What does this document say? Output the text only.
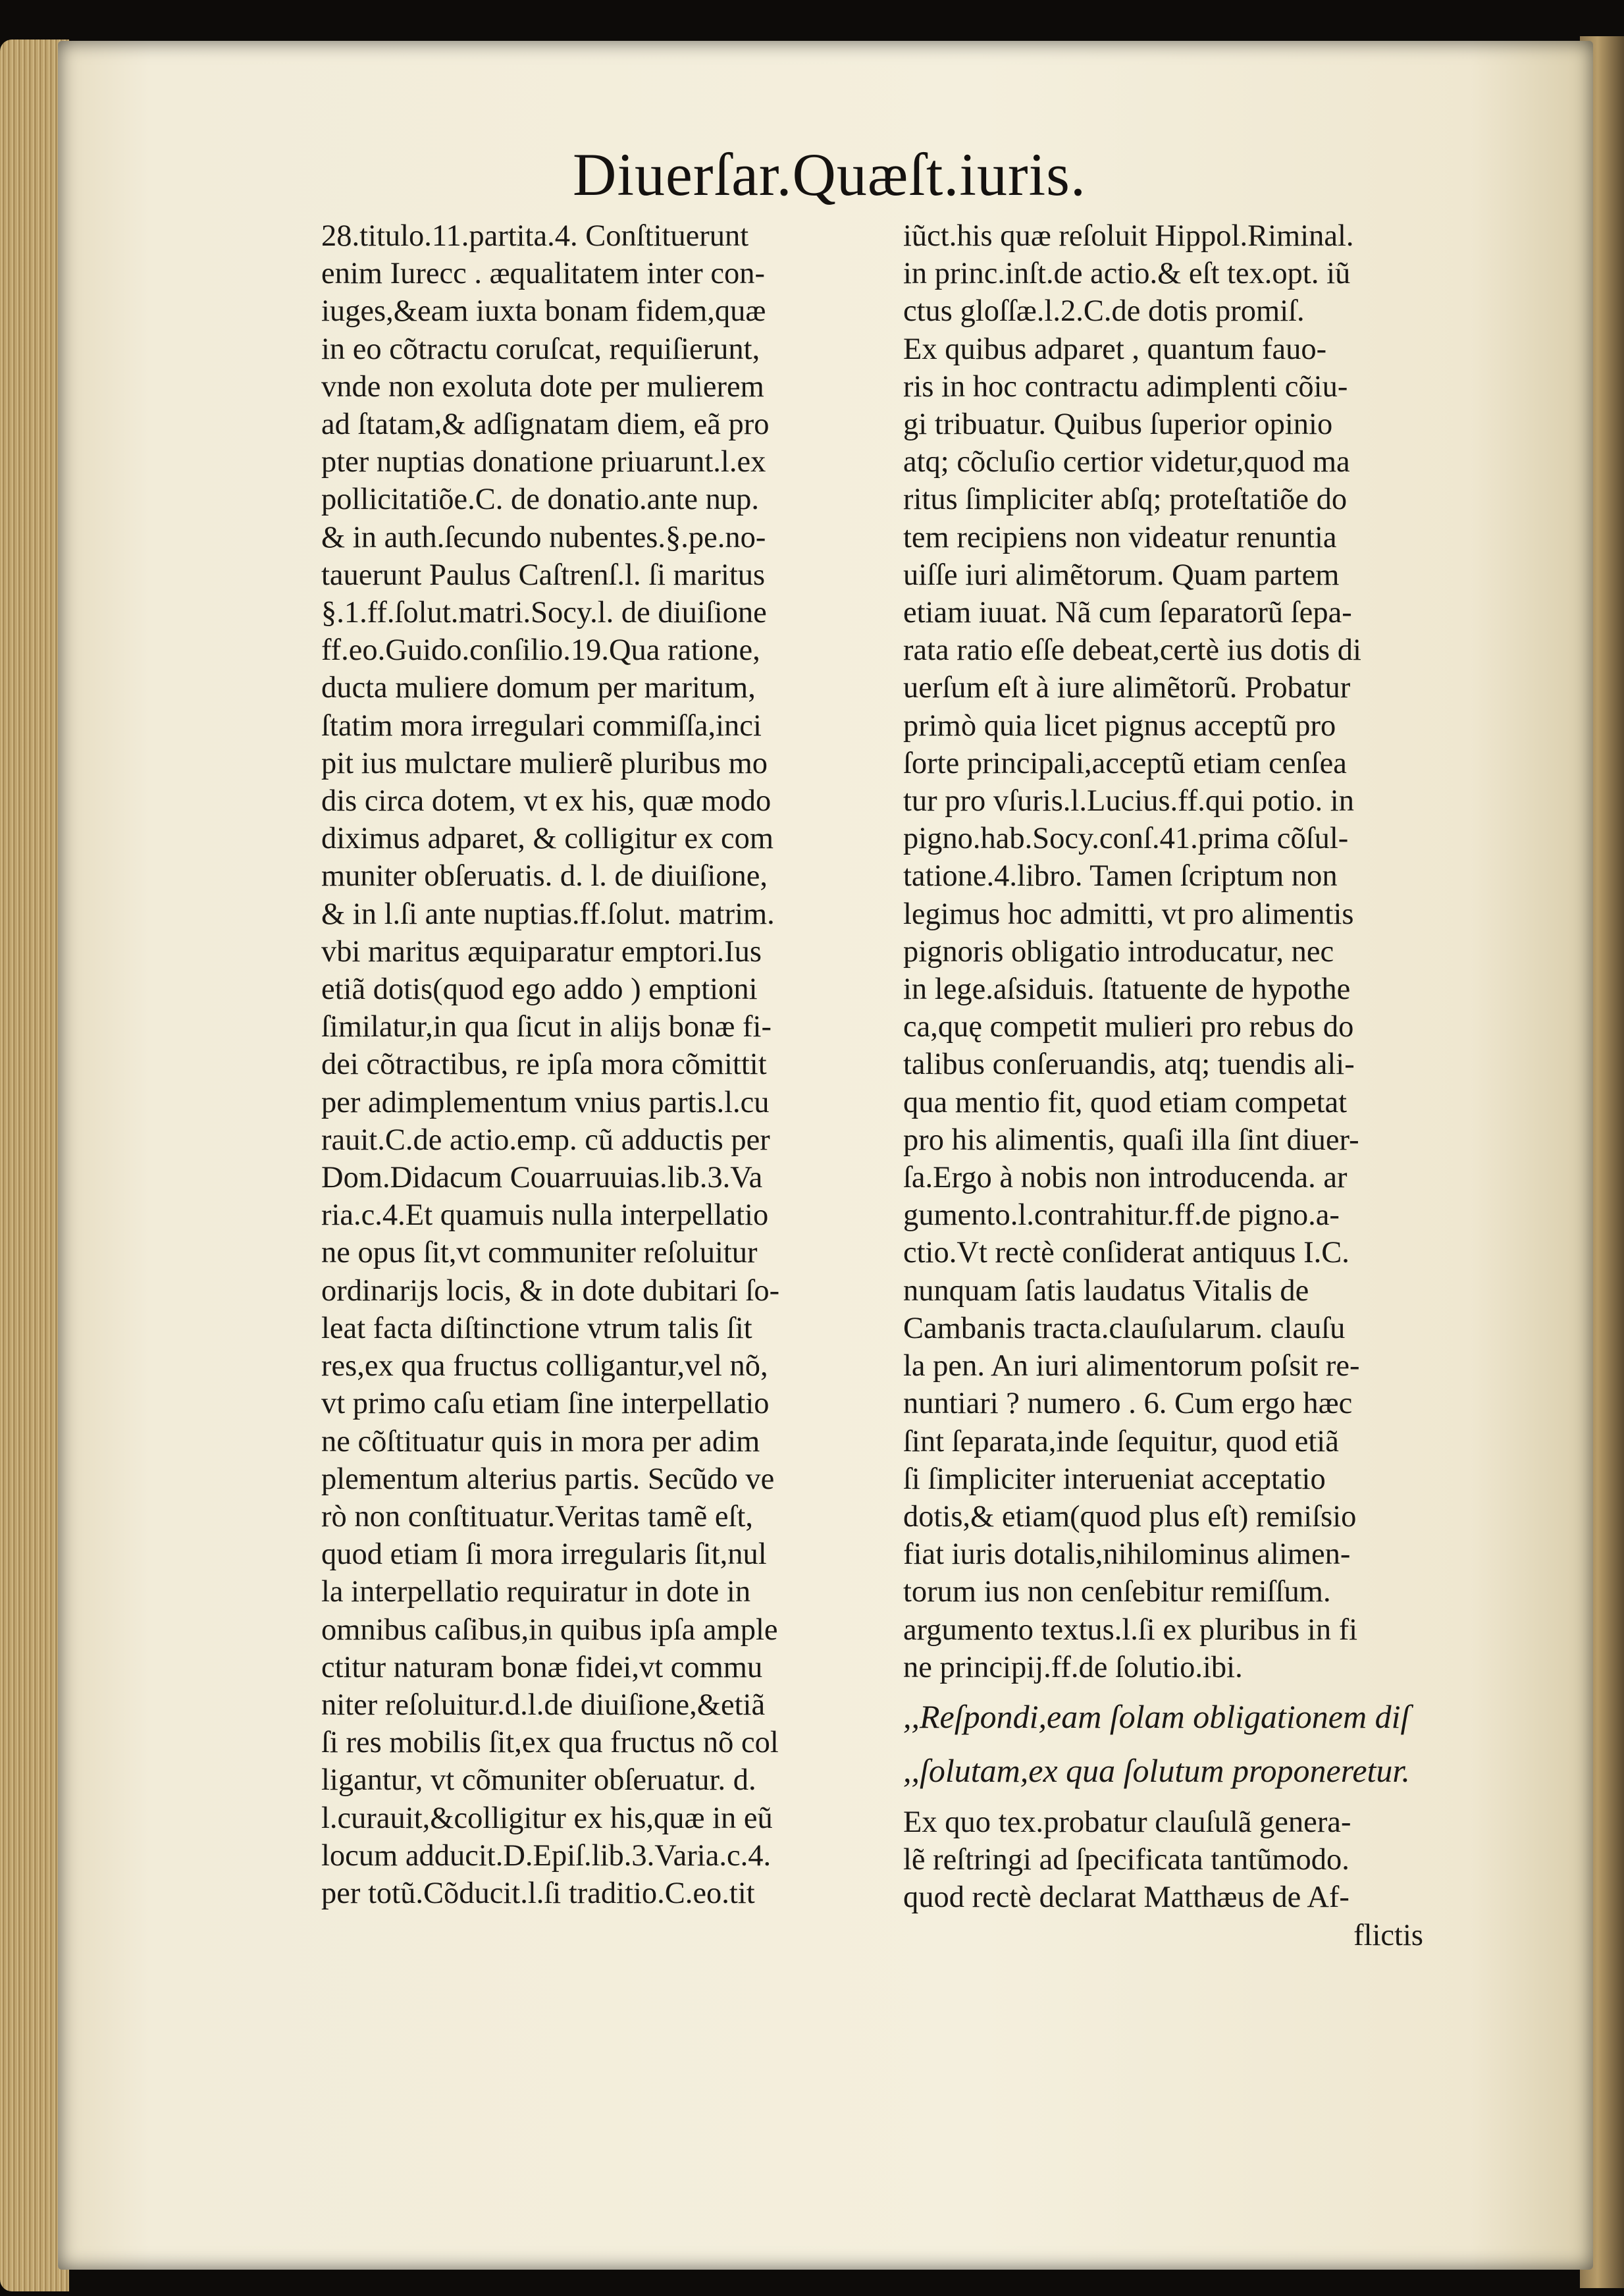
Diuerſar.Quæſt.iuris.
28.titulo.11.partita.4. Conſtituerunt
enim Iurecc . æqualitatem inter con-
iuges,&eam iuxta bonam fidem,quæ
in eo cõtractu coruſcat, requiſierunt,
vnde non exoluta dote per mulierem
ad ſtatam,& adſignatam diem, eã pro
pter nuptias donatione priuarunt.l.ex
pollicitatiõe.C. de donatio.ante nup.
& in auth.ſecundo nubentes.§.pe.no-
tauerunt Paulus Caſtrenſ.l. ſi maritus
§.1.ff.ſolut.matri.Socy.l. de diuiſione
ff.eo.Guido.conſilio.19.Qua ratione,
ducta muliere domum per maritum,
ſtatim mora irregulari commiſſa,inci
pit ius mulctare mulierẽ pluribus mo
dis circa dotem, vt ex his, quæ modo
diximus adparet, & colligitur ex com
muniter obſeruatis. d. l. de diuiſione,
& in l.ſi ante nuptias.ff.ſolut. matrim.
vbi maritus æquiparatur emptori.Ius
etiã dotis(quod ego addo ) emptioni
ſimilatur,in qua ſicut in alijs bonæ fi-
dei cõtractibus, re ipſa mora cõmittit
per adimplementum vnius partis.l.cu
rauit.C.de actio.emp. cũ adductis per
Dom.Didacum Couarruuias.lib.3.Va
ria.c.4.Et quamuis nulla interpellatio
ne opus ſit,vt communiter reſoluitur
ordinarijs locis, & in dote dubitari ſo-
leat facta diſtinctione vtrum talis ſit
res,ex qua fructus colligantur,vel nõ,
vt primo caſu etiam ſine interpellatio
ne cõſtituatur quis in mora per adim
plementum alterius partis. Secũdo ve
rò non conſtituatur.Veritas tamẽ eſt,
quod etiam ſi mora irregularis ſit,nul
la interpellatio requiratur in dote in
omnibus caſibus,in quibus ipſa ample
ctitur naturam bonæ fidei,vt commu
niter reſoluitur.d.l.de diuiſione,&etiã
ſi res mobilis ſit,ex qua fructus nõ col
ligantur, vt cõmuniter obſeruatur. d.
l.curauit,&colligitur ex his,quæ in eũ
locum adducit.D.Epiſ.lib.3.Varia.c.4.
per totũ.Cõducit.l.ſi traditio.C.eo.tit
iũct.his quæ reſoluit Hippol.Riminal.
in princ.inſt.de actio.& eſt tex.opt. iũ
ctus gloſſæ.l.2.C.de dotis promiſ.
Ex quibus adparet , quantum fauo-
ris in hoc contractu adimplenti cõiu-
gi tribuatur. Quibus ſuperior opinio
atq; cõcluſio certior videtur,quod ma
ritus ſimpliciter abſq; proteſtatiõe do
tem recipiens non videatur renuntia
uiſſe iuri alimẽtorum. Quam partem
etiam iuuat. Nã cum ſeparatorũ ſepa-
rata ratio eſſe debeat,certè ius dotis di
uerſum eſt à iure alimẽtorũ. Probatur
primò quia licet pignus acceptũ pro
ſorte principali,acceptũ etiam cenſea
tur pro vſuris.l.Lucius.ff.qui potio. in
pigno.hab.Socy.conſ.41.prima cõſul-
tatione.4.libro. Tamen ſcriptum non
legimus hoc admitti, vt pro alimentis
pignoris obligatio introducatur, nec
in lege.aſsiduis. ſtatuente de hypothe
ca,quę competit mulieri pro rebus do
talibus conſeruandis, atq; tuendis ali-
qua mentio fit, quod etiam competat
pro his alimentis, quaſi illa ſint diuer-
ſa.Ergo à nobis non introducenda. ar
gumento.l.contrahitur.ff.de pigno.a-
ctio.Vt rectè conſiderat antiquus I.C.
nunquam ſatis laudatus Vitalis de
Cambanis tracta.clauſularum. clauſu
la pen. An iuri alimentorum poſsit re-
nuntiari ? numero . 6. Cum ergo hæc
ſint ſeparata,inde ſequitur, quod etiã
ſi ſimpliciter interueniat acceptatio
dotis,& etiam(quod plus eſt) remiſsio
fiat iuris dotalis,nihilominus alimen-
torum ius non cenſebitur remiſſum.
argumento textus.l.ſi ex pluribus in fi
ne principij.ff.de ſolutio.ibi.
,,Reſpondi,eam ſolam obligationem diſ
,,ſolutam,ex qua ſolutum proponeretur.
Ex quo tex.probatur clauſulã genera-
lẽ reſtringi ad ſpecificata tantũmodo.
quod rectè declarat Matthæus de Af-
flictis
